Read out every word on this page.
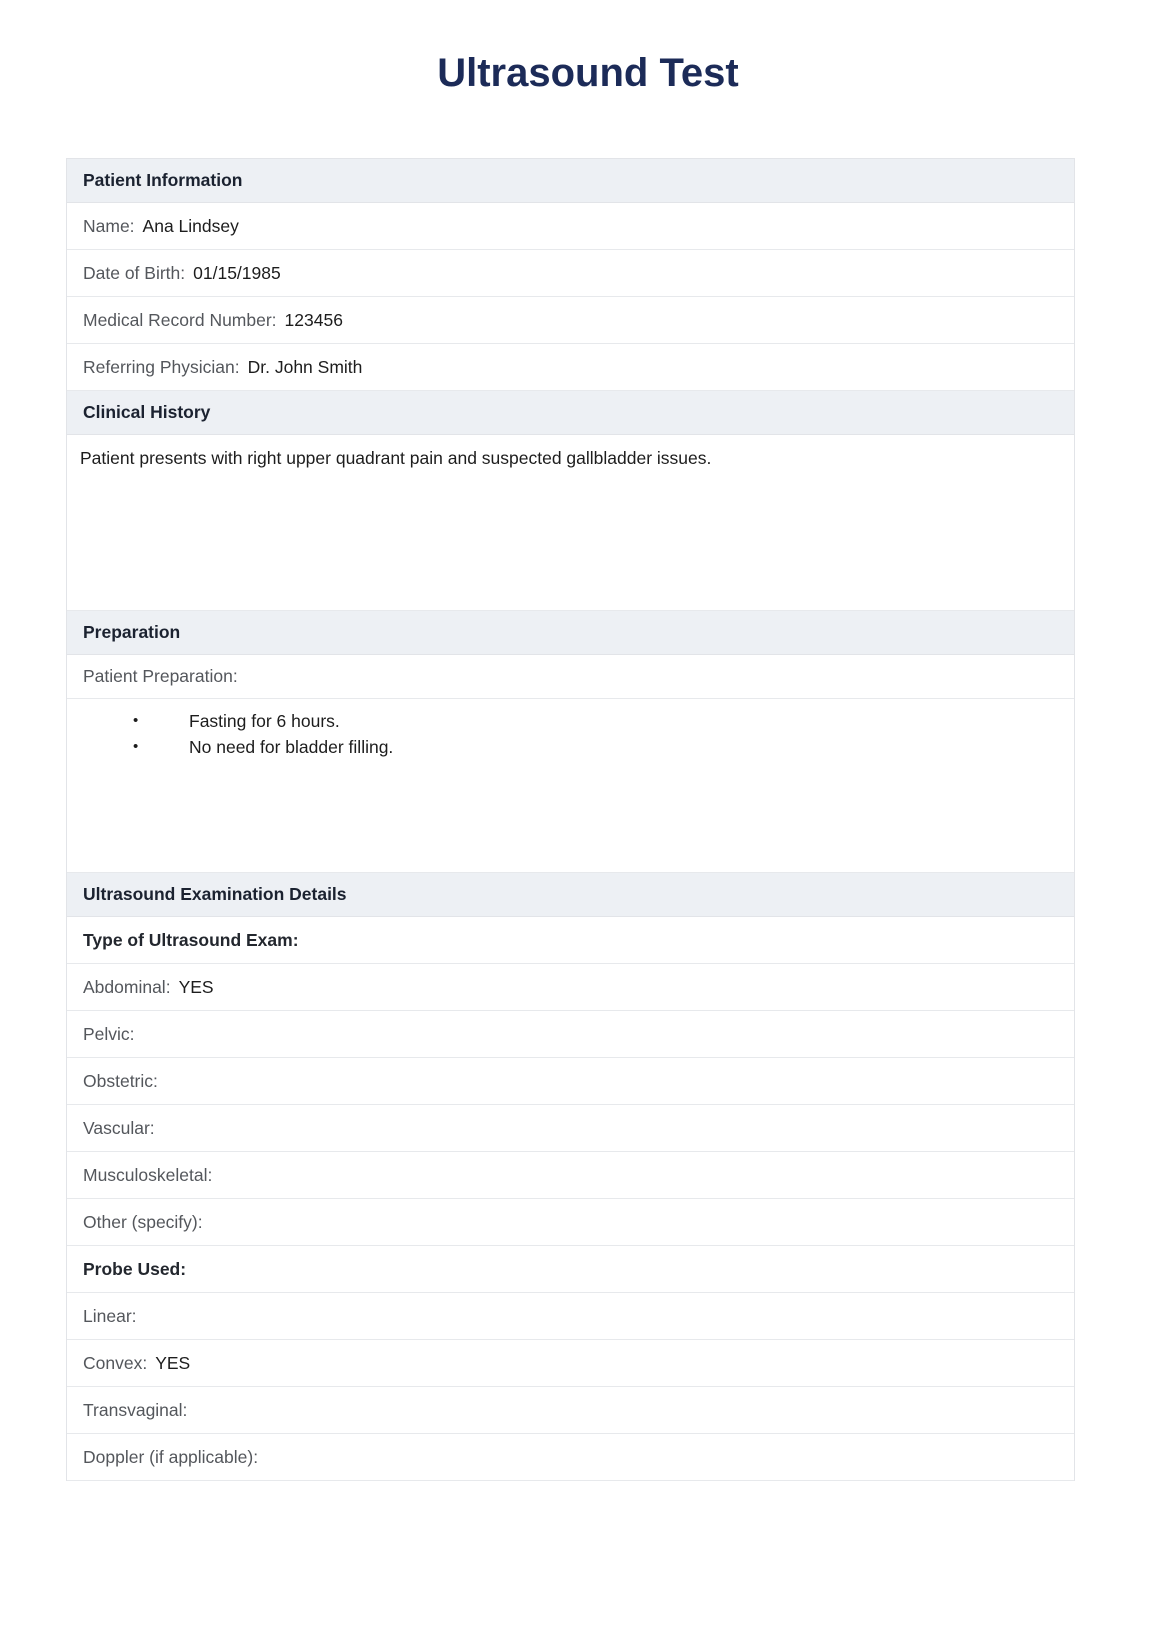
Ultrasound Test
Patient Information
Name: Ana Lindsey
Date of Birth: 01/15/1985
Medical Record Number: 123456
Referring Physician: Dr. John Smith
Clinical History
Patient presents with right upper quadrant pain and suspected gallbladder issues.
Preparation
Patient Preparation:
• Fasting for 6 hours.
• No need for bladder filling.
Ultrasound Examination Details
Type of Ultrasound Exam:
Abdominal: YES
Pelvic:
Obstetric:
Vascular:
Musculoskeletal:
Other (specify):
Probe Used:
Linear:
Convex: YES
Transvaginal:
Doppler (if applicable):
